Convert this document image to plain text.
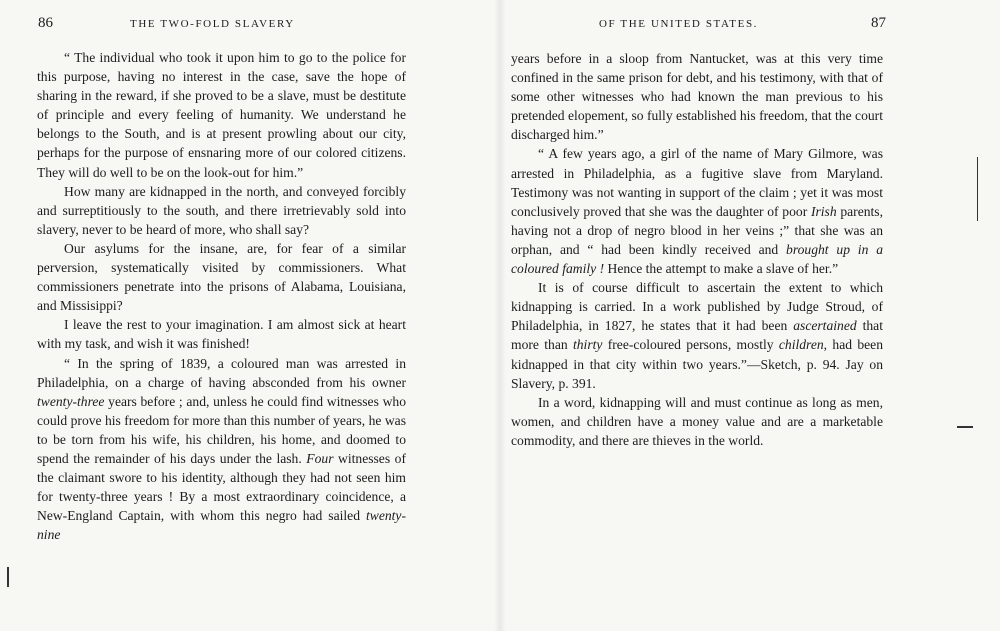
86	THE TWO-FOLD SLAVERY

“ The individual who took it upon him to go to the police for this purpose, having no interest in the case, save the hope of sharing in the reward, if she proved to be a slave, must be destitute of principle and every feeling of humanity. We understand he belongs to the South, and is at present prowling about our city, perhaps for the purpose of ensnaring more of our colored citizens. They will do well to be on the look-out for him.”

How many are kidnapped in the north, and conveyed forcibly and surreptitiously to the south, and there irretrievably sold into slavery, never to be heard of more, who shall say?

Our asylums for the insane, are, for fear of a similar perversion, systematically visited by commissioners. What commissioners penetrate into the prisons of Alabama, Louisiana, and Missisippi?

I leave the rest to your imagination. I am almost sick at heart with my task, and wish it was finished!

“ In the spring of 1839, a coloured man was arrested in Philadelphia, on a charge of having absconded from his owner twenty-three years before ; and, unless he could find witnesses who could prove his freedom for more than this number of years, he was to be torn from his wife, his children, his home, and doomed to spend the remainder of his days under the lash. Four witnesses of the claimant swore to his identity, although they had not seen him for twenty-three years ! By a most extraordinary coincidence, a New-England Captain, with whom this negro had sailed twenty-nine

OF THE UNITED STATES.	87

years before in a sloop from Nantucket, was at this very time confined in the same prison for debt, and his testimony, with that of some other witnesses who had known the man previous to his pretended elopement, so fully established his freedom, that the court discharged him.”

“ A few years ago, a girl of the name of Mary Gilmore, was arrested in Philadelphia, as a fugitive slave from Maryland. Testimony was not wanting in support of the claim ; yet it was most conclusively proved that she was the daughter of poor Irish parents, having not a drop of negro blood in her veins ;” that she was an orphan, and “ had been kindly received and brought up in a coloured family ! Hence the attempt to make a slave of her.”

It is of course difficult to ascertain the extent to which kidnapping is carried. In a work published by Judge Stroud, of Philadelphia, in 1827, he states that it had been ascertained that more than thirty free-coloured persons, mostly children, had been kidnapped in that city within two years.”—Sketch, p. 94. Jay on Slavery, p. 391.

In a word, kidnapping will and must continue as long as men, women, and children have a money value and are a marketable commodity, and there are thieves in the world.
